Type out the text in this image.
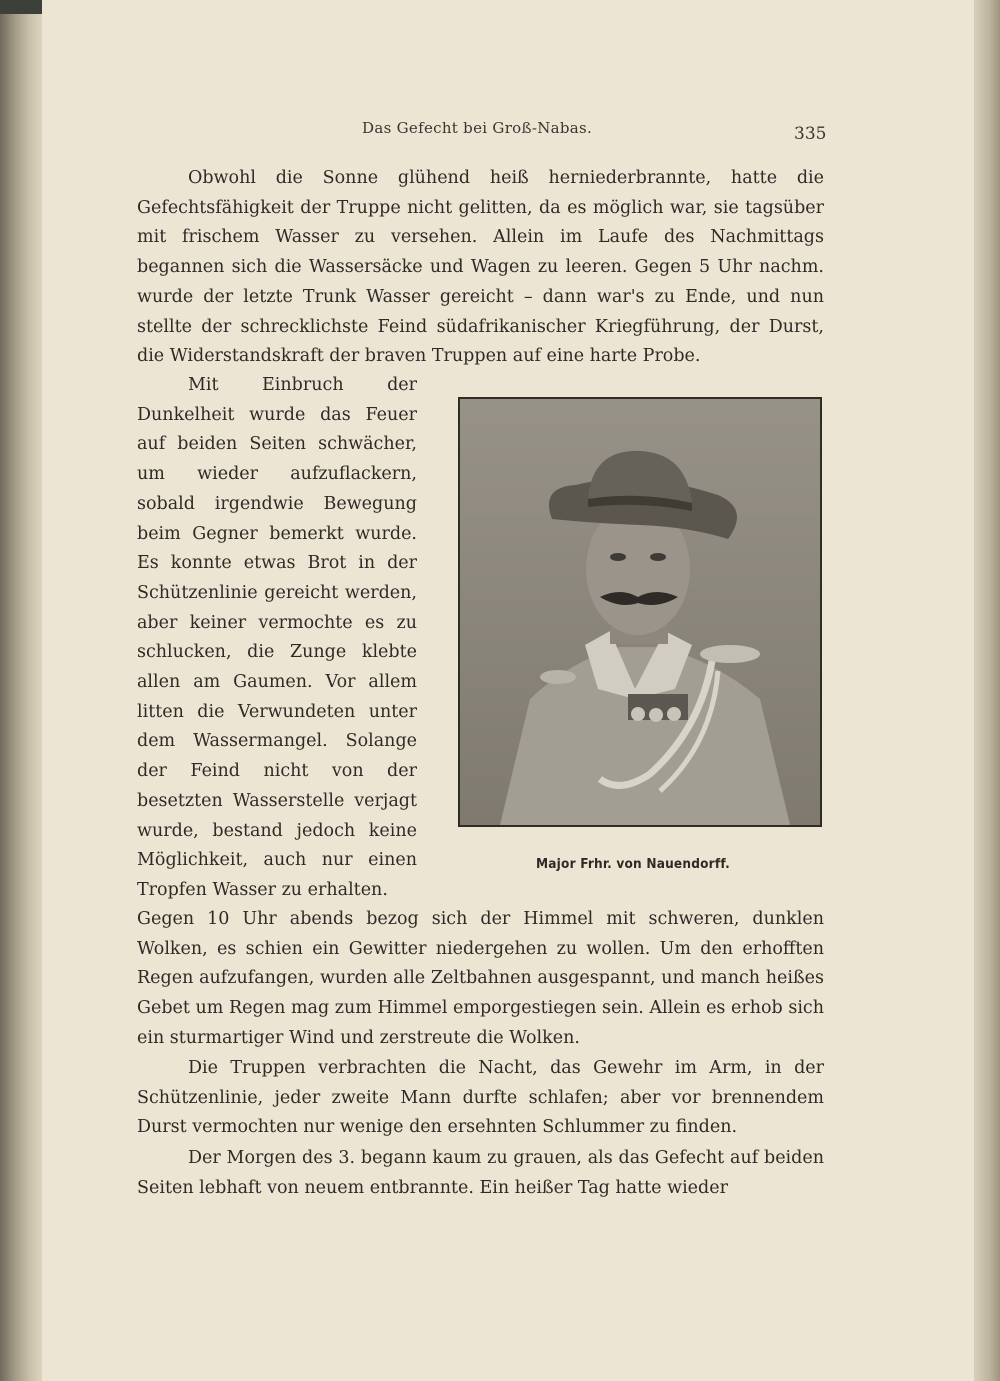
Das Gefecht bei Groß-Nabas.	335

Obwohl die Sonne glühend heiß herniederbrannte, hatte die Gefechtsfähigkeit der Truppe nicht gelitten, da es möglich war, sie tagsüber mit frischem Wasser zu versehen. Allein im Laufe des Nachmittags begannen sich die Wassersäcke und Wagen zu leeren. Gegen 5 Uhr nachm. wurde der letzte Trunk Wasser gereicht – dann war's zu Ende, und nun stellte der schrecklichste Feind südafrikanischer Kriegführung, der Durst, die Widerstandskraft der braven Truppen auf eine harte Probe.

Mit Einbruch der Dunkelheit wurde das Feuer auf beiden Seiten schwächer, um wieder aufzuflackern, sobald irgendwie Bewegung beim Gegner bemerkt wurde. Es konnte etwas Brot in der Schützenlinie gereicht werden, aber keiner vermochte es zu schlucken, die Zunge klebte allen am Gaumen. Vor allem litten die Verwundeten unter dem Wassermangel. Solange der Feind nicht von der besetzten Wasserstelle verjagt wurde, bestand jedoch keine Möglichkeit, auch nur einen Tropfen Wasser zu erhalten.

Major Frhr. von Nauendorff.

Gegen 10 Uhr abends bezog sich der Himmel mit schweren, dunklen Wolken, es schien ein Gewitter niedergehen zu wollen. Um den erhofften Regen aufzufangen, wurden alle Zeltbahnen ausgespannt, und manch heißes Gebet um Regen mag zum Himmel emporgestiegen sein. Allein es erhob sich ein sturmartiger Wind und zerstreute die Wolken.

Die Truppen verbrachten die Nacht, das Gewehr im Arm, in der Schützenlinie, jeder zweite Mann durfte schlafen; aber vor brennendem Durst vermochten nur wenige den ersehnten Schlummer zu finden.

Der Morgen des 3. begann kaum zu grauen, als das Gefecht auf beiden Seiten lebhaft von neuem entbrannte. Ein heißer Tag hatte wieder
